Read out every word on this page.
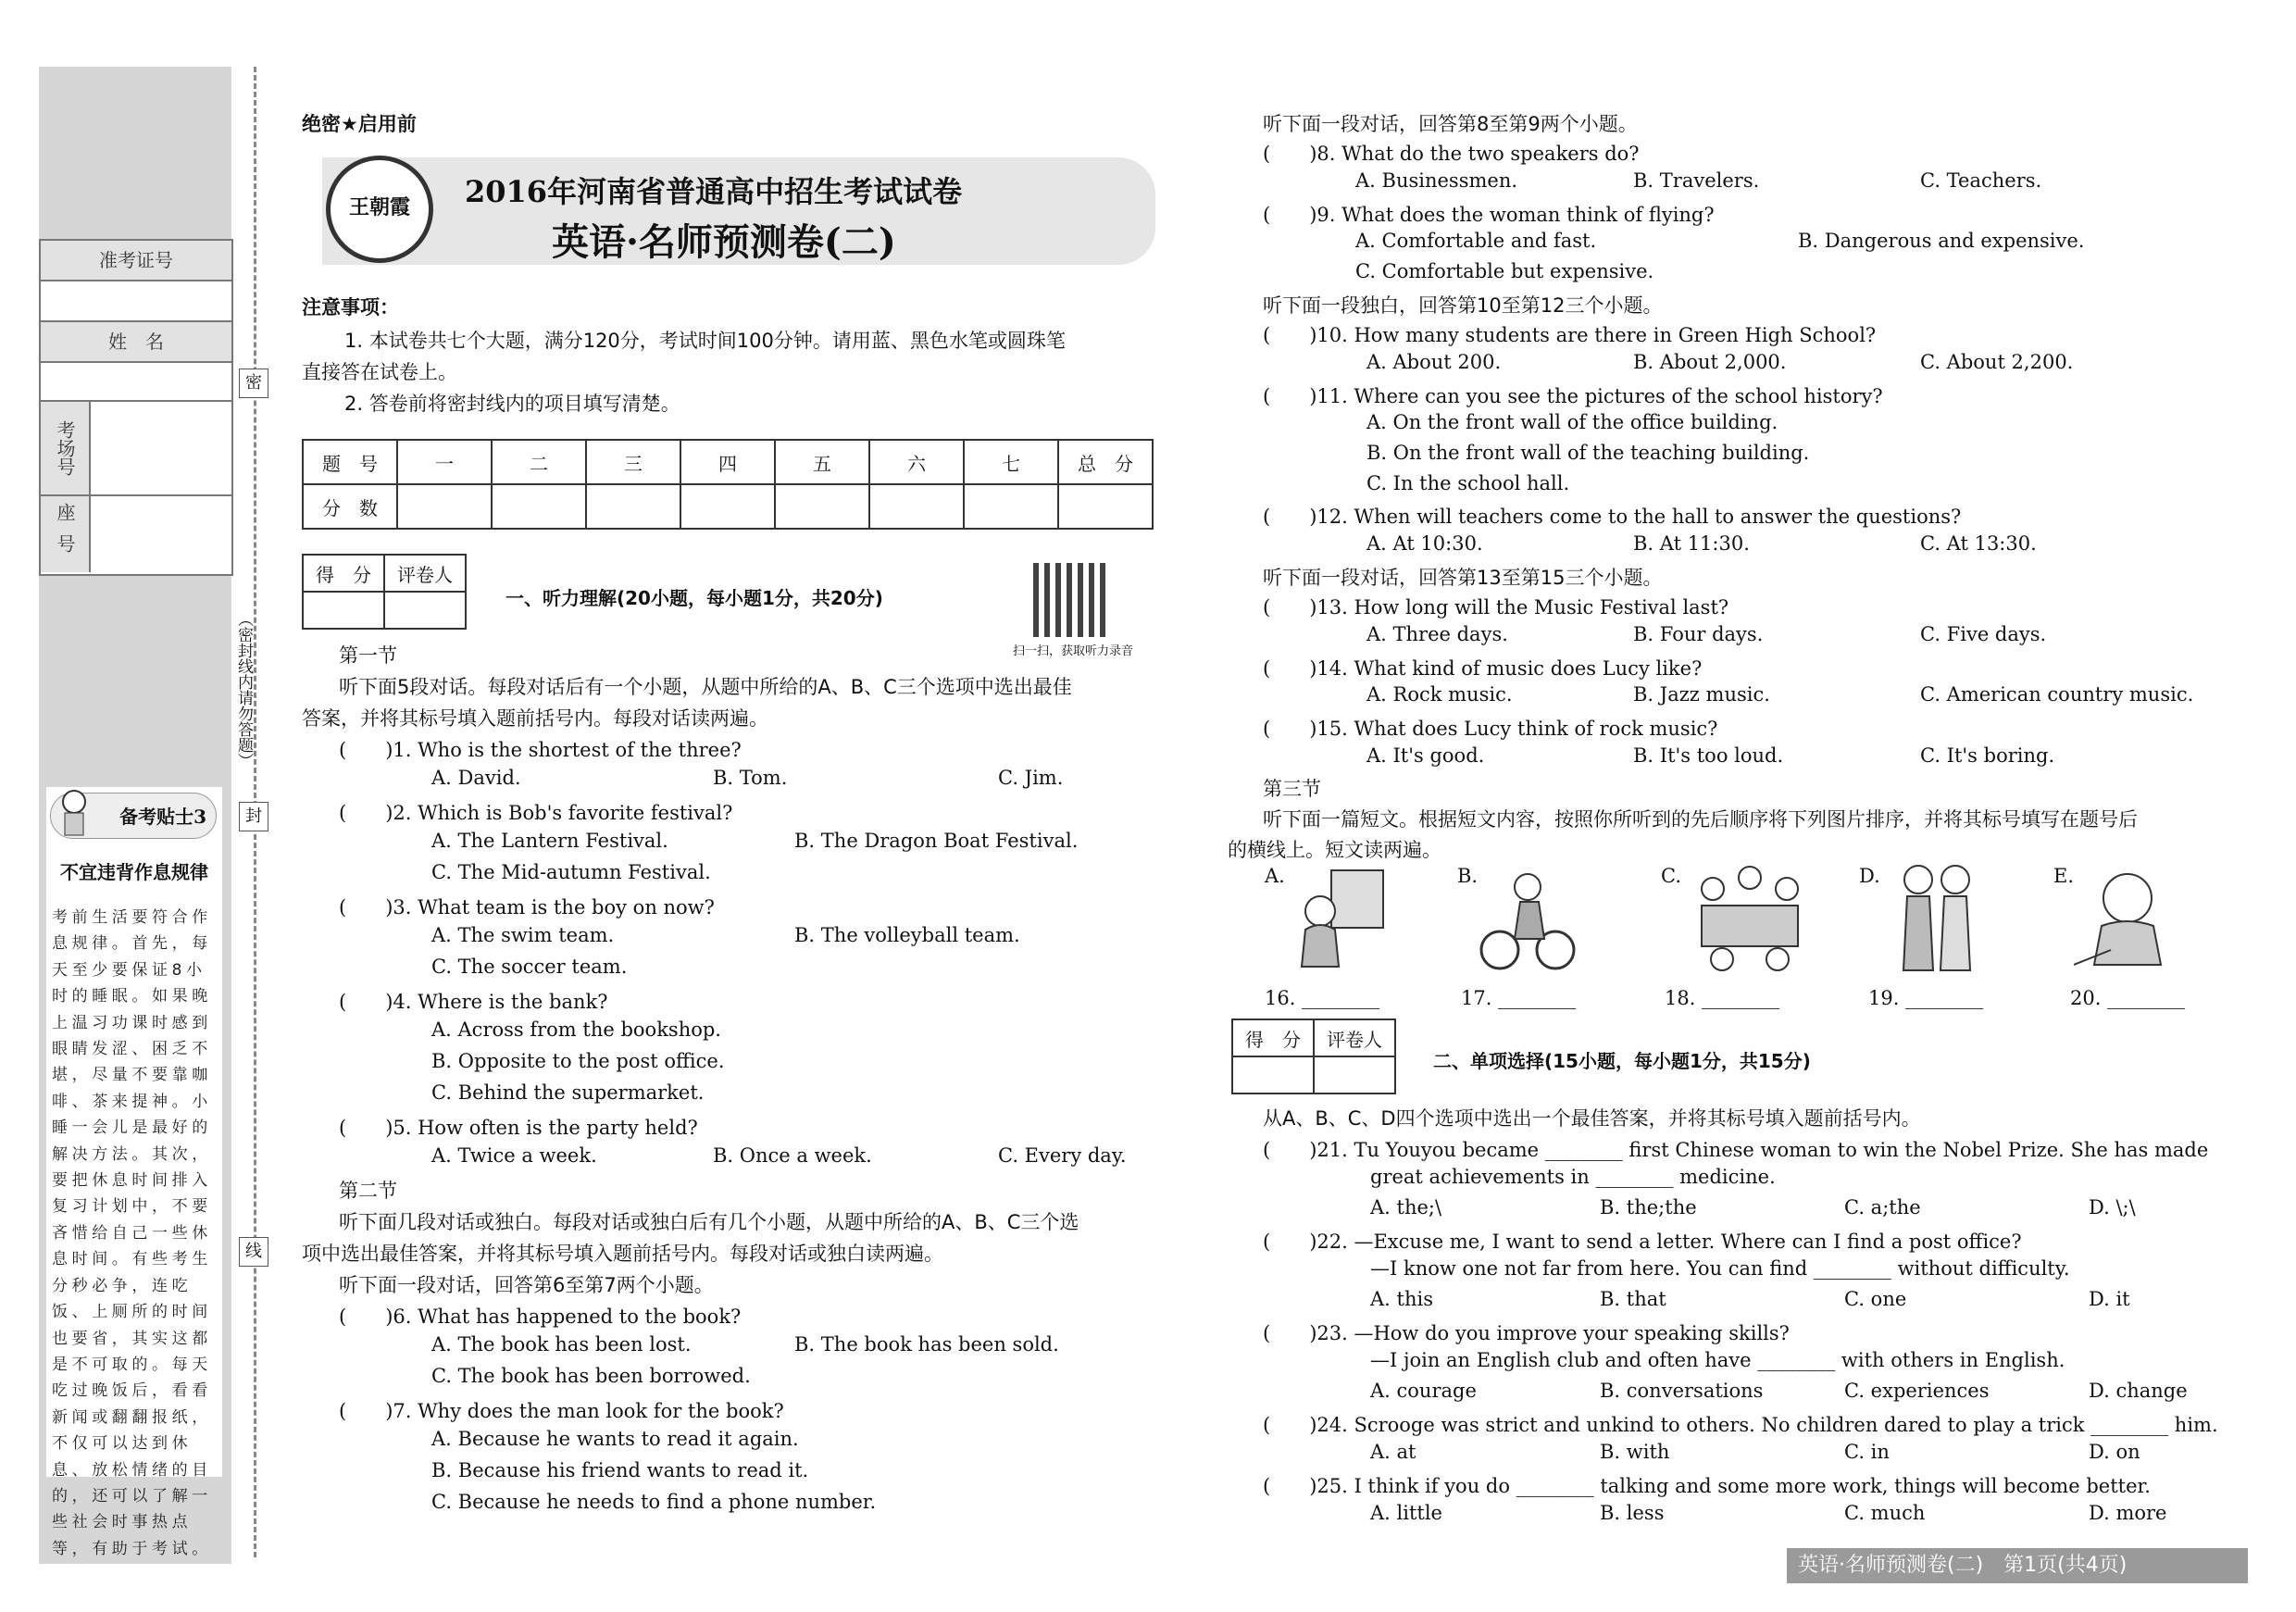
准考证号
姓　名
考场号
座号
备考贴士3
不宜违背作息规律
考前生活要符合作息规律。首先，每天至少要保证8小时的睡眠。如果晚上温习功课时感到眼睛发涩、困乏不堪，尽量不要靠咖啡、茶来提神。小睡一会儿是最好的解决方法。其次，要把休息时间排入复习计划中，不要吝惜给自己一些休息时间。有些考生分秒必争，连吃饭、上厕所的时间也要省，其实这都是不可取的。每天吃过晚饭后，看看新闻或翻翻报纸，不仅可以达到休息、放松情绪的目的，还可以了解一些社会时事热点等，有助于考试。
密
封
线
（密封线内请勿答题）
绝密★启用前
王朝霞	2016年河南省普通高中招生考试试卷
英语·名师预测卷(二)
注意事项：
1. 本试卷共七个大题，满分120分，考试时间100分钟。请用蓝、黑色水笔或圆珠笔
直接答在试卷上。
2. 答卷前将密封线内的项目填写清楚。
题　号	一	二	三	四	五	六	七	总　分
分　数								
得　分	评卷人

一、听力理解(20小题，每小题1分，共20分)
扫一扫，获取听力录音
第一节
听下面5段对话。每段对话后有一个小题，从题中所给的A、B、C三个选项中选出最佳
答案，并将其标号填入题前括号内。每段对话读两遍。
(　　)1. Who is the shortest of the three?
A. David.	B. Tom.	C. Jim.
(　　)2. Which is Bob's favorite festival?
A. The Lantern Festival.	B. The Dragon Boat Festival.
C. The Mid-autumn Festival.
(　　)3. What team is the boy on now?
A. The swim team.	B. The volleyball team.
C. The soccer team.
(　　)4. Where is the bank?
A. Across from the bookshop.
B. Opposite to the post office.
C. Behind the supermarket.
(　　)5. How often is the party held?
A. Twice a week.	B. Once a week.	C. Every day.
第二节
听下面几段对话或独白。每段对话或独白后有几个小题，从题中所给的A、B、C三个选
项中选出最佳答案，并将其标号填入题前括号内。每段对话或独白读两遍。
听下面一段对话，回答第6至第7两个小题。
(　　)6. What has happened to the book?
A. The book has been lost.	B. The book has been sold.
C. The book has been borrowed.
(　　)7. Why does the man look for the book?
A. Because he wants to read it again.
B. Because his friend wants to read it.
C. Because he needs to find a phone number.
听下面一段对话，回答第8至第9两个小题。
(　　)8. What do the two speakers do?
A. Businessmen.	B. Travelers.	C. Teachers.
(　　)9. What does the woman think of flying?
A. Comfortable and fast.	B. Dangerous and expensive.
C. Comfortable but expensive.
听下面一段独白，回答第10至第12三个小题。
(　　)10. How many students are there in Green High School?
A. About 200.	B. About 2,000.	C. About 2,200.
(　　)11. Where can you see the pictures of the school history?
A. On the front wall of the office building.
B. On the front wall of the teaching building.
C. In the school hall.
(　　)12. When will teachers come to the hall to answer the questions?
A. At 10:30.	B. At 11:30.	C. At 13:30.
听下面一段对话，回答第13至第15三个小题。
(　　)13. How long will the Music Festival last?
A. Three days.	B. Four days.	C. Five days.
(　　)14. What kind of music does Lucy like?
A. Rock music.	B. Jazz music.	C. American country music.
(　　)15. What does Lucy think of rock music?
A. It's good.	B. It's too loud.	C. It's boring.
第三节
听下面一篇短文。根据短文内容，按照你所听到的先后顺序将下列图片排序，并将其标号填写在题号后
的横线上。短文读两遍。
A.	B.	C.	D.	E.
16. ________	17. ________	18. ________	19. ________	20. ________
得　分	评卷人

二、单项选择(15小题，每小题1分，共15分)
从A、B、C、D四个选项中选出一个最佳答案，并将其标号填入题前括号内。
(　　)21. Tu Youyou became ________ first Chinese woman to win the Nobel Prize. She has made
great achievements in ________ medicine.
A. the;\	B. the;the	C. a;the	D. \;\
(　　)22. —Excuse me, I want to send a letter. Where can I find a post office?
—I know one not far from here. You can find ________ without difficulty.
A. this	B. that	C. one	D. it
(　　)23. —How do you improve your speaking skills?
—I join an English club and often have ________ with others in English.
A. courage	B. conversations	C. experiences	D. change
(　　)24. Scrooge was strict and unkind to others. No children dared to play a trick ________ him.
A. at	B. with	C. in	D. on
(　　)25. I think if you do ________ talking and some more work, things will become better.
A. little	B. less	C. much	D. more
英语·名师预测卷(二)　第1页(共4页)
